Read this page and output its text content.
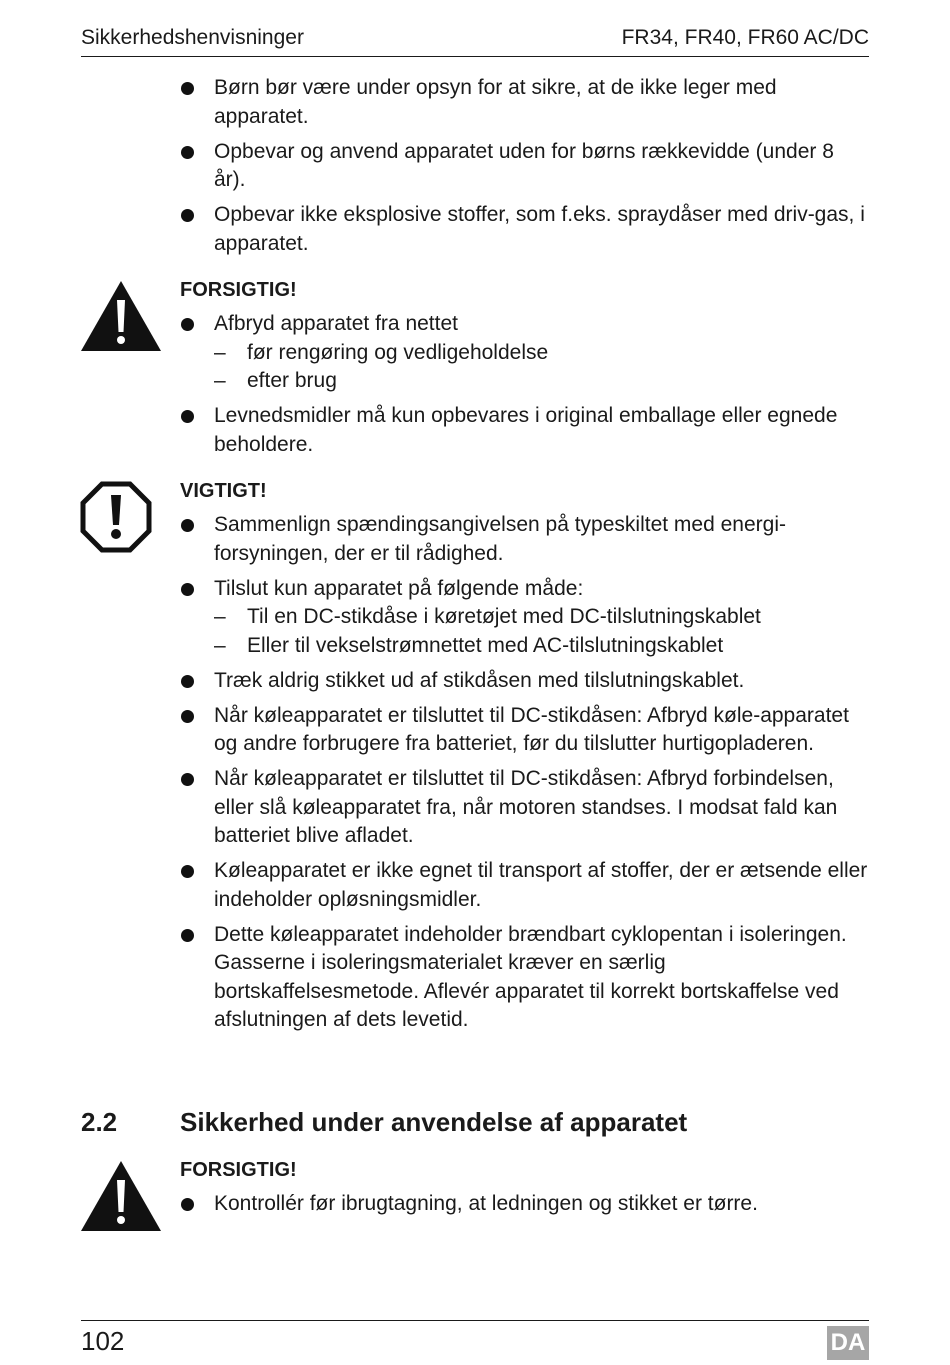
Sikkerhedshenvisninger	FR34, FR40, FR60 AC/DC
Børn bør være under opsyn for at sikre, at de ikke leger med apparatet.
Opbevar og anvend apparatet uden for børns rækkevidde (under 8 år).
Opbevar ikke eksplosive stoffer, som f.eks. spraydåser med driv-gas, i apparatet.
FORSIGTIG!
Afbryd apparatet fra nettet
– før rengøring og vedligeholdelse
– efter brug
Levnedsmidler må kun opbevares i original emballage eller egnede beholdere.
VIGTIGT!
Sammenlign spændingsangivelsen på typeskiltet med energi-forsyningen, der er til rådighed.
Tilslut kun apparatet på følgende måde:
– Til en DC-stikdåse i køretøjet med DC-tilslutningskablet
– Eller til vekselstrømnettet med AC-tilslutningskablet
Træk aldrig stikket ud af stikdåsen med tilslutningskablet.
Når køleapparatet er tilsluttet til DC-stikdåsen: Afbryd køle-apparatet og andre forbrugere fra batteriet, før du tilslutter hurtigopladeren.
Når køleapparatet er tilsluttet til DC-stikdåsen: Afbryd forbindelsen, eller slå køleapparatet fra, når motoren standses. I modsat fald kan batteriet blive afladet.
Køleapparatet er ikke egnet til transport af stoffer, der er ætsende eller indeholder opløsningsmidler.
Dette køleapparatet indeholder brændbart cyklopentan i isoleringen. Gasserne i isoleringsmaterialet kræver en særlig bortskaffelsesmetode. Aflevér apparatet til korrekt bortskaffelse ved afslutningen af dets levetid.
2.2 Sikkerhed under anvendelse af apparatet
FORSIGTIG!
Kontrollér før ibrugtagning, at ledningen og stikket er tørre.
102	DA
